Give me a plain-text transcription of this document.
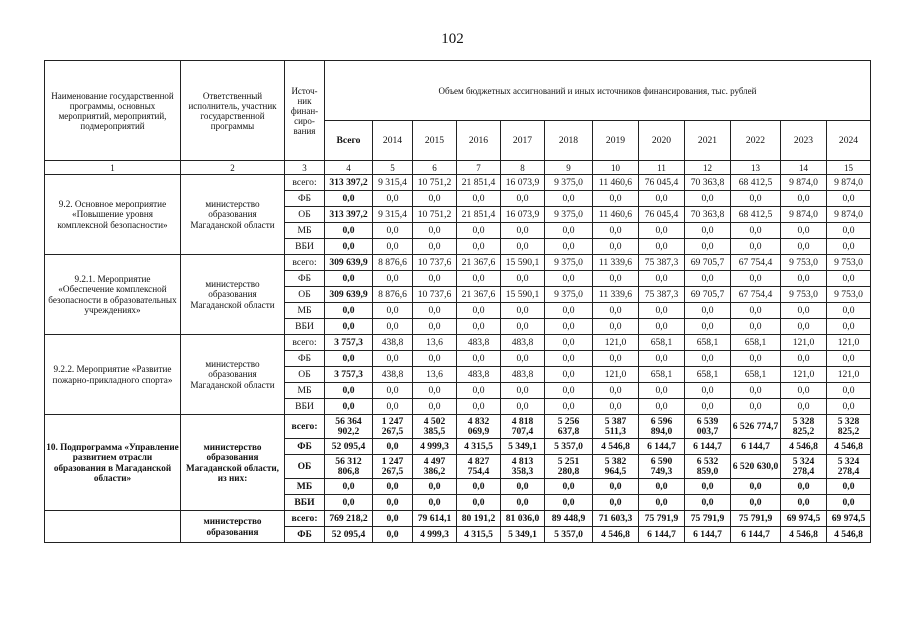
102
Наименование государственной программы, основных мероприятий, мероприятий, подмероприятий	Ответственный исполнитель, участник государственной программы	Источ-ник финан-сиро-вания	Объем бюджетных ассигнований и иных источников финансирования, тыс. рублей											
			Всего	2014	2015	2016	2017	2018	2019	2020	2021	2022	2023	2024
1	2	3	4	5	6	7	8	9	10	11	12	13	14	15
9.2. Основное мероприятие «Повышение уровня комплексной безопасности»	министерство образования Магаданской области	всего:	313 397,2	9 315,4	10 751,2	21 851,4	16 073,9	9 375,0	11 460,6	76 045,4	70 363,8	68 412,5	9 874,0	9 874,0
		ФБ	0,0	0,0	0,0	0,0	0,0	0,0	0,0	0,0	0,0	0,0	0,0	0,0
		ОБ	313 397,2	9 315,4	10 751,2	21 851,4	16 073,9	9 375,0	11 460,6	76 045,4	70 363,8	68 412,5	9 874,0	9 874,0
		МБ	0,0	0,0	0,0	0,0	0,0	0,0	0,0	0,0	0,0	0,0	0,0	0,0
		ВБИ	0,0	0,0	0,0	0,0	0,0	0,0	0,0	0,0	0,0	0,0	0,0	0,0
9.2.1. Мероприятие «Обеспечение комплексной безопасности в образовательных учреждениях»	министерство образования Магаданской области	всего:	309 639,9	8 876,6	10 737,6	21 367,6	15 590,1	9 375,0	11 339,6	75 387,3	69 705,7	67 754,4	9 753,0	9 753,0
		ФБ	0,0	0,0	0,0	0,0	0,0	0,0	0,0	0,0	0,0	0,0	0,0	0,0
		ОБ	309 639,9	8 876,6	10 737,6	21 367,6	15 590,1	9 375,0	11 339,6	75 387,3	69 705,7	67 754,4	9 753,0	9 753,0
		МБ	0,0	0,0	0,0	0,0	0,0	0,0	0,0	0,0	0,0	0,0	0,0	0,0
		ВБИ	0,0	0,0	0,0	0,0	0,0	0,0	0,0	0,0	0,0	0,0	0,0	0,0
9.2.2. Мероприятие «Развитие пожарно-прикладного спорта»	министерство образования Магаданской области	всего:	3 757,3	438,8	13,6	483,8	483,8	0,0	121,0	658,1	658,1	658,1	121,0	121,0
		ФБ	0,0	0,0	0,0	0,0	0,0	0,0	0,0	0,0	0,0	0,0	0,0	0,0
		ОБ	3 757,3	438,8	13,6	483,8	483,8	0,0	121,0	658,1	658,1	658,1	121,0	121,0
		МБ	0,0	0,0	0,0	0,0	0,0	0,0	0,0	0,0	0,0	0,0	0,0	0,0
		ВБИ	0,0	0,0	0,0	0,0	0,0	0,0	0,0	0,0	0,0	0,0	0,0	0,0
10. Подпрограмма «Управление развитием отрасли образования в Магаданской области»	министерство образования Магаданской области, из них:	всего:	56 364 902,2	1 247 267,5	4 502 385,5	4 832 069,9	4 818 707,4	5 256 637,8	5 387 511,3	6 596 894,0	6 539 003,7	6 526 774,7	5 328 825,2	5 328 825,2
		ФБ	52 095,4	0,0	4 999,3	4 315,5	5 349,1	5 357,0	4 546,8	6 144,7	6 144,7	6 144,7	4 546,8	4 546,8
		ОБ	56 312 806,8	1 247 267,5	4 497 386,2	4 827 754,4	4 813 358,3	5 251 280,8	5 382 964,5	6 590 749,3	6 532 859,0	6 520 630,0	5 324 278,4	5 324 278,4
		МБ	0,0	0,0	0,0	0,0	0,0	0,0	0,0	0,0	0,0	0,0	0,0	0,0
		ВБИ	0,0	0,0	0,0	0,0	0,0	0,0	0,0	0,0	0,0	0,0	0,0	0,0
	министерство образования	всего:	769 218,2	0,0	79 614,1	80 191,2	81 036,0	89 448,9	71 603,3	75 791,9	75 791,9	75 791,9	69 974,5	69 974,5
		ФБ	52 095,4	0,0	4 999,3	4 315,5	5 349,1	5 357,0	4 546,8	6 144,7	6 144,7	6 144,7	4 546,8	4 546,8
